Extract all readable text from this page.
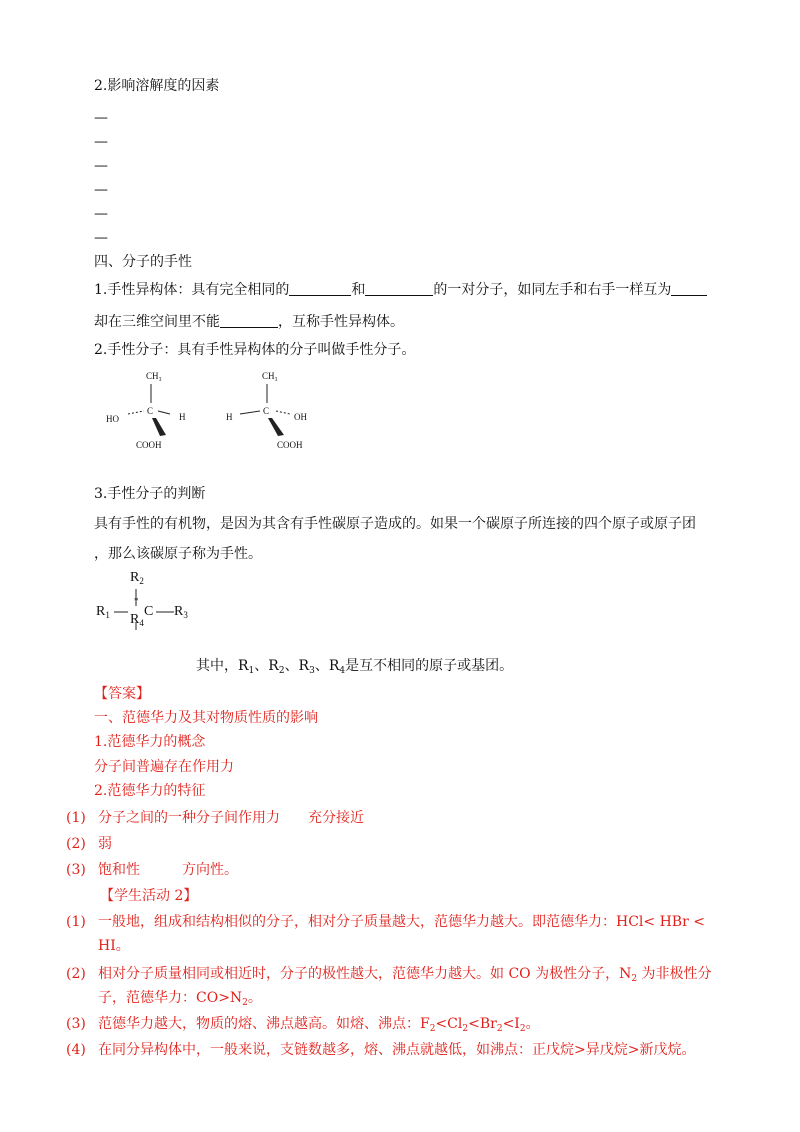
2.影响溶解度的因素
—
—
—
—
—
—
四、分子的手性
1.手性异构体：具有完全相同的	和	的一对分子，如同左手和右手一样互为
却在三维空间里不能	，互称手性异构体。
2.手性分子：具有手性异构体的分子叫做手性分子。
CH₃
HO
C
H
COOH
CH₃
H
C
OH
COOH
3.手性分子的判断
具有手性的有机物，是因为其含有手性碳原子造成的。如果一个碳原子所连接的四个原子或原子团
，那么该碳原子称为手性。
$R_2$
$R_1$
*
C $R_3$
$R_4$
其中，$R_1$、$R_2$、$R_3$、$R_4$是互不相同的原子或基团。
【答案】
一、范德华力及其对物质性质的影响
1.范德华力的概念
分子间普遍存在作用力
2.范德华力的特征
(1) 分子之间的一种分子间作用力　　充分接近
(2) 弱
(3) 饱和性　　　方向性。
【学生活动 2】
(1) 一般地，组成和结构相似的分子，相对分子质量越大，范德华力越大。即范德华力：HCl< HBr <
HI。
(2) 相对分子质量相同或相近时，分子的极性越大，范德华力越大。如 CO 为极性分子，$N_2$ 为非极性分
子，范德华力：$CO>N_2$。
(3) 范德华力越大，物质的熔、沸点越高。如熔、沸点：$F_2<Cl_2<Br_2<I_2$。
(4) 在同分异构体中，一般来说，支链数越多，熔、沸点就越低，如沸点：正戊烷>异戊烷>新戊烷。
